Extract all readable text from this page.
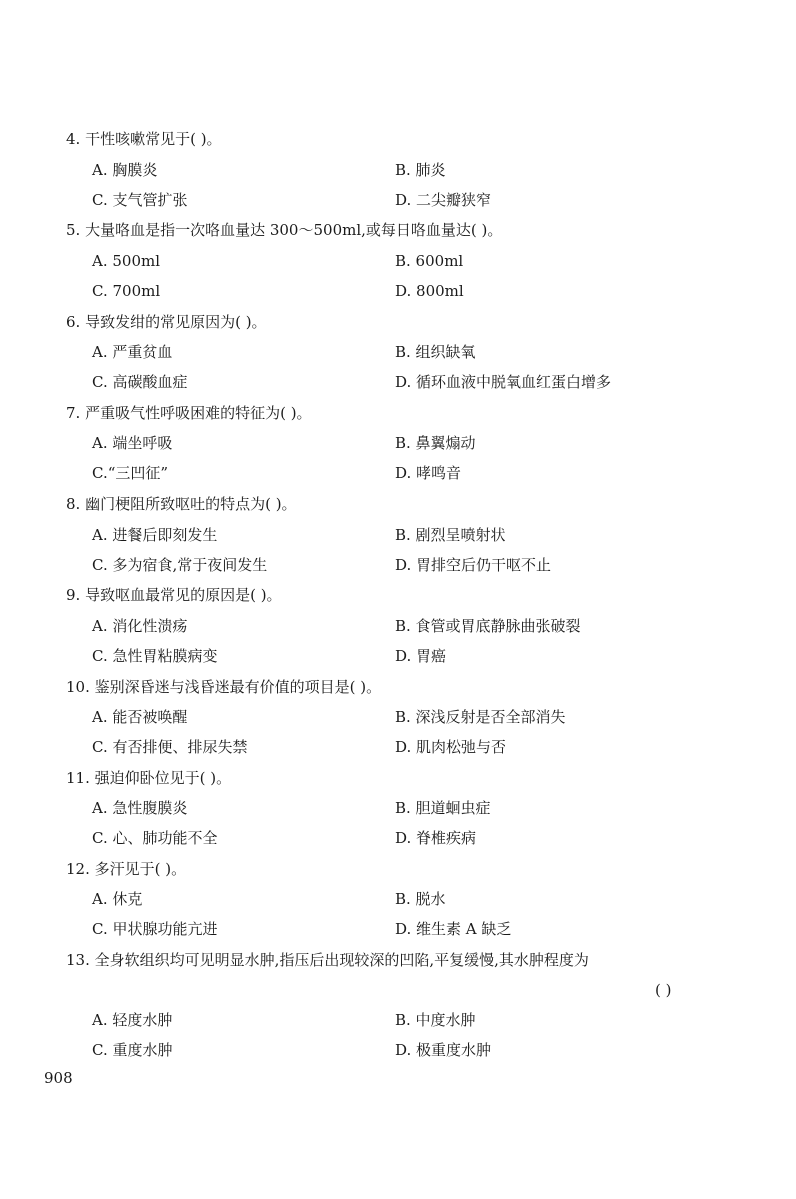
4. 干性咳嗽常见于( )。
A. 胸膜炎	B. 肺炎
C. 支气管扩张	D. 二尖瓣狭窄
5. 大量咯血是指一次咯血量达 300～500ml,或每日咯血量达( )。
A. 500ml	B. 600ml
C. 700ml	D. 800ml
6. 导致发绀的常见原因为( )。
A. 严重贫血	B. 组织缺氧
C. 高碳酸血症	D. 循环血液中脱氧血红蛋白增多
7. 严重吸气性呼吸困难的特征为( )。
A. 端坐呼吸	B. 鼻翼煽动
C.“三凹征”	D. 哮鸣音
8. 幽门梗阻所致呕吐的特点为( )。
A. 进餐后即刻发生	B. 剧烈呈喷射状
C. 多为宿食,常于夜间发生	D. 胃排空后仍干呕不止
9. 导致呕血最常见的原因是( )。
A. 消化性溃疡	B. 食管或胃底静脉曲张破裂
C. 急性胃粘膜病变	D. 胃癌
10. 鉴别深昏迷与浅昏迷最有价值的项目是( )。
A. 能否被唤醒	B. 深浅反射是否全部消失
C. 有否排便、排尿失禁	D. 肌肉松弛与否
11. 强迫仰卧位见于( )。
A. 急性腹膜炎	B. 胆道蛔虫症
C. 心、肺功能不全	D. 脊椎疾病
12. 多汗见于( )。
A. 休克	B. 脱水
C. 甲状腺功能亢进	D. 维生素 A 缺乏
13. 全身软组织均可见明显水肿,指压后出现较深的凹陷,平复缓慢,其水肿程度为
( )
A. 轻度水肿	B. 中度水肿
C. 重度水肿	D. 极重度水肿
908
